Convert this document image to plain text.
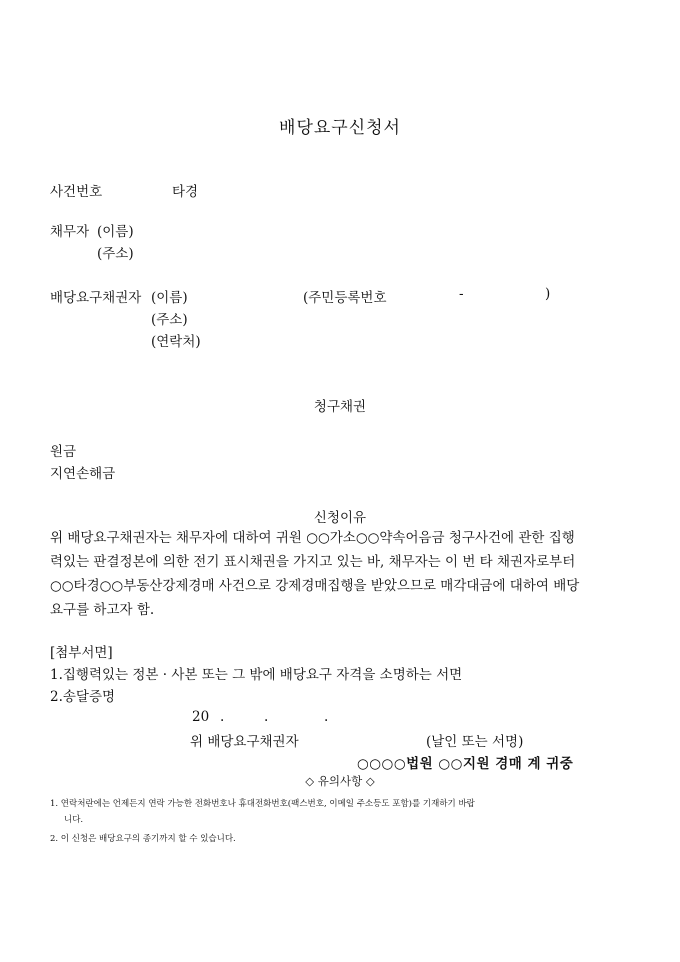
배당요구신청서
사건번호	타경
채무자 (이름)
(주소)
배당요구채권자 (이름)	(주민등록번호	-	)
(주소)
(연락처)
청구채권
원금
지연손해금
신청이유
위 배당요구채권자는 채무자에 대하여 귀원 ○○가소○○약속어음금 청구사건에 관한 집행
력있는 판결정본에 의한 전기 표시채권을 가지고 있는 바, 채무자는 이 번 타 채권자로부터
○○타경○○부동산강제경매 사건으로 강제경매집행을 받았으므로 매각대금에 대하여 배당
요구를 하고자 함.
[첨부서면]
1.집행력있는 정본 · 사본 또는 그 밖에 배당요구 자격을 소명하는 서면
2.송달증명
20 .	.	.
위 배당요구채권자	(날인 또는 서명)
○○○○법원 ○○지원 경매 계 귀중
◇ 유의사항 ◇
1. 연락처란에는 언제든지 연락 가능한 전화번호나 휴대전화번호(팩스번호, 이메일 주소등도 포함)를 기재하기 바랍
니다.
2. 이 신청은 배당요구의 종기까지 할 수 있습니다.
